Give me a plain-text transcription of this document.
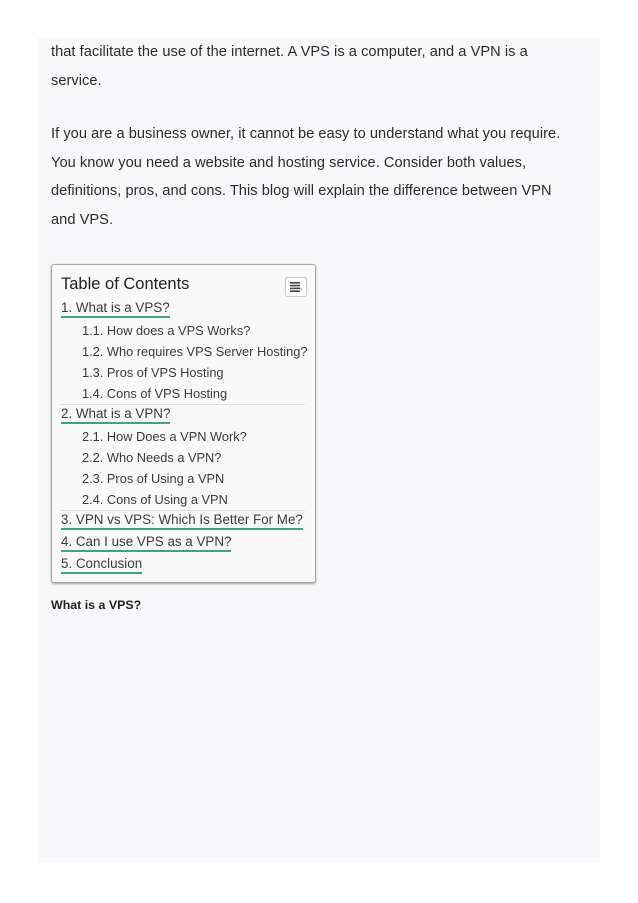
that facilitate the use of the internet. A VPS is a computer, and a VPN is a
service.

If you are a business owner, it cannot be easy to understand what you require.
You know you need a website and hosting service. Consider both values,
definitions, pros, and cons. This blog will explain the difference between VPN
and VPS.

Table of Contents
1. What is a VPS?
1.1. How does a VPS Works?
1.2. Who requires VPS Server Hosting?
1.3. Pros of VPS Hosting
1.4. Cons of VPS Hosting
2. What is a VPN?
2.1. How Does a VPN Work?
2.2. Who Needs a VPN?
2.3. Pros of Using a VPN
2.4. Cons of Using a VPN
3. VPN vs VPS: Which Is Better For Me?
4. Can I use VPS as a VPN?
5. Conclusion
What is a VPS?
